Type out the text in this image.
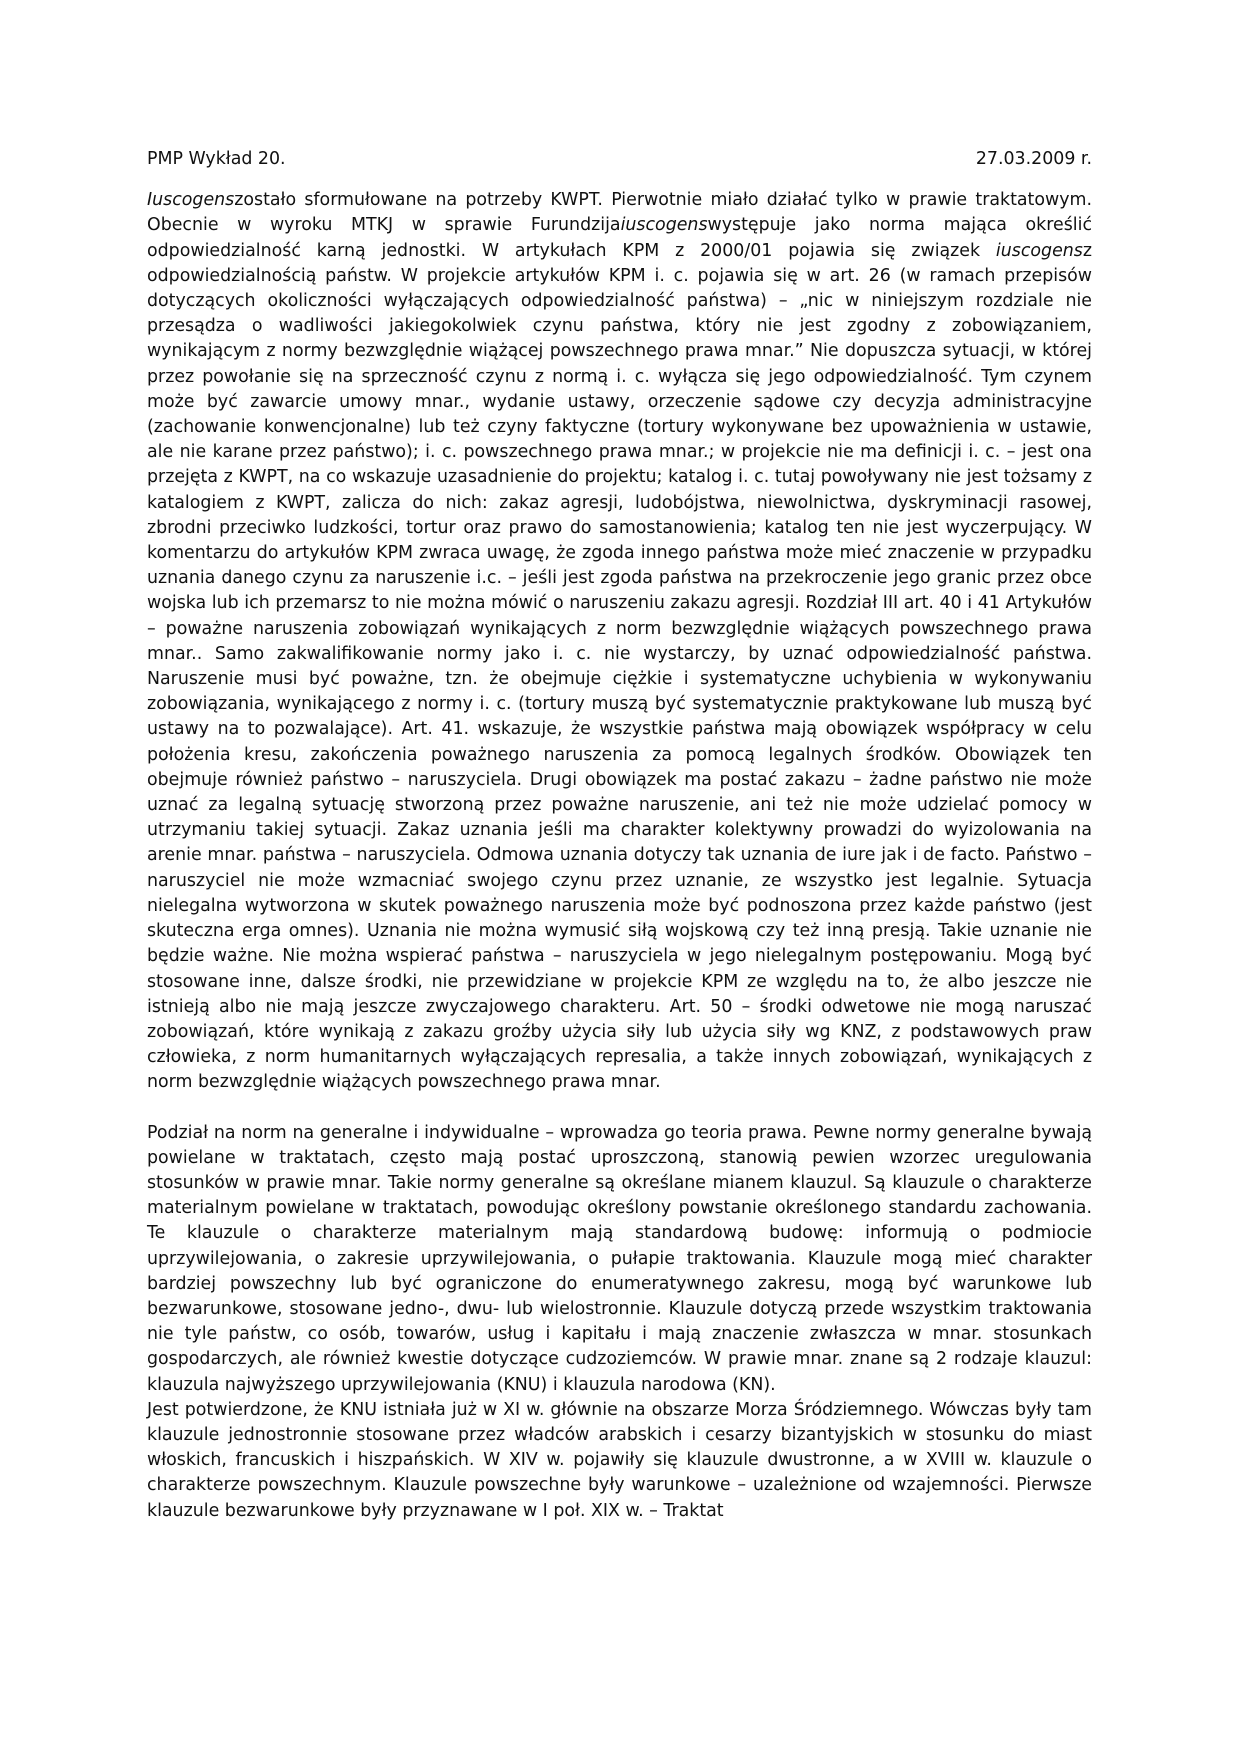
PMP Wykład 20.	27.03.2009 r.

Iuscogenszostało sformułowane na potrzeby KWPT. Pierwotnie miało działać tylko w prawie traktatowym. Obecnie w wyroku MTKJ w sprawie Furundzijaiuscogenswystępuje jako norma mająca określić odpowiedzialność karną jednostki. W artykułach KPM z 2000/01 pojawia się związek iuscogensz odpowiedzialnością państw. W projekcie artykułów KPM i. c. pojawia się w art. 26 (w ramach przepisów dotyczących okoliczności wyłączających odpowiedzialność państwa) – „nic w niniejszym rozdziale nie przesądza o wadliwości jakiegokolwiek czynu państwa, który nie jest zgodny z zobowiązaniem, wynikającym z normy bezwzględnie wiążącej powszechnego prawa mnar.” Nie dopuszcza sytuacji, w której przez powołanie się na sprzeczność czynu z normą i. c. wyłącza się jego odpowiedzialność. Tym czynem może być zawarcie umowy mnar., wydanie ustawy, orzeczenie sądowe czy decyzja administracyjne (zachowanie konwencjonalne) lub też czyny faktyczne (tortury wykonywane bez upoważnienia w ustawie, ale nie karane przez państwo); i. c. powszechnego prawa mnar.; w projekcie nie ma definicji i. c. – jest ona przejęta z KWPT, na co wskazuje uzasadnienie do projektu; katalog i. c. tutaj powoływany nie jest tożsamy z katalogiem z KWPT, zalicza do nich: zakaz agresji, ludobójstwa, niewolnictwa, dyskryminacji rasowej, zbrodni przeciwko ludzkości, tortur oraz prawo do samostanowienia; katalog ten nie jest wyczerpujący. W komentarzu do artykułów KPM zwraca uwagę, że zgoda innego państwa może mieć znaczenie w przypadku uznania danego czynu za naruszenie i.c. – jeśli jest zgoda państwa na przekroczenie jego granic przez obce wojska lub ich przemarsz to nie można mówić o naruszeniu zakazu agresji. Rozdział III art. 40 i 41 Artykułów – poważne naruszenia zobowiązań wynikających z norm bezwzględnie wiążących powszechnego prawa mnar.. Samo zakwalifikowanie normy jako i. c. nie wystarczy, by uznać odpowiedzialność państwa. Naruszenie musi być poważne, tzn. że obejmuje ciężkie i systematyczne uchybienia w wykonywaniu zobowiązania, wynikającego z normy i. c. (tortury muszą być systematycznie praktykowane lub muszą być ustawy na to pozwalające). Art. 41. wskazuje, że wszystkie państwa mają obowiązek współpracy w celu położenia kresu, zakończenia poważnego naruszenia za pomocą legalnych środków. Obowiązek ten obejmuje również państwo – naruszyciela. Drugi obowiązek ma postać zakazu – żadne państwo nie może uznać za legalną sytuację stworzoną przez poważne naruszenie, ani też nie może udzielać pomocy w utrzymaniu takiej sytuacji. Zakaz uznania jeśli ma charakter kolektywny prowadzi do wyizolowania na arenie mnar. państwa – naruszyciela. Odmowa uznania dotyczy tak uznania de iure jak i de facto. Państwo – naruszyciel nie może wzmacniać swojego czynu przez uznanie, ze wszystko jest legalnie. Sytuacja nielegalna wytworzona w skutek poważnego naruszenia może być podnoszona przez każde państwo (jest skuteczna erga omnes). Uznania nie można wymusić siłą wojskową czy też inną presją. Takie uznanie nie będzie ważne. Nie można wspierać państwa – naruszyciela w jego nielegalnym postępowaniu. Mogą być stosowane inne, dalsze środki, nie przewidziane w projekcie KPM ze względu na to, że albo jeszcze nie istnieją albo nie mają jeszcze zwyczajowego charakteru. Art. 50 – środki odwetowe nie mogą naruszać zobowiązań, które wynikają z zakazu groźby użycia siły lub użycia siły wg KNZ, z podstawowych praw człowieka, z norm humanitarnych wyłączających represalia, a także innych zobowiązań, wynikających z norm bezwzględnie wiążących powszechnego prawa mnar.

Podział na norm na generalne i indywidualne – wprowadza go teoria prawa. Pewne normy generalne bywają powielane w traktatach, często mają postać uproszczoną, stanowią pewien wzorzec uregulowania stosunków w prawie mnar. Takie normy generalne są określane mianem klauzul. Są klauzule o charakterze materialnym powielane w traktatach, powodując określony powstanie określonego standardu zachowania. Te klauzule o charakterze materialnym mają standardową budowę: informują o podmiocie uprzywilejowania, o zakresie uprzywilejowania, o pułapie traktowania. Klauzule mogą mieć charakter bardziej powszechny lub być ograniczone do enumeratywnego zakresu, mogą być warunkowe lub bezwarunkowe, stosowane jedno-, dwu- lub wielostronnie. Klauzule dotyczą przede wszystkim traktowania nie tyle państw, co osób, towarów, usług i kapitału i mają znaczenie zwłaszcza w mnar. stosunkach gospodarczych, ale również kwestie dotyczące cudzoziemców. W prawie mnar. znane są 2 rodzaje klauzul: klauzula najwyższego uprzywilejowania (KNU) i klauzula narodowa (KN).

Jest potwierdzone, że KNU istniała już w XI w. głównie na obszarze Morza Śródziemnego. Wówczas były tam klauzule jednostronnie stosowane przez władców arabskich i cesarzy bizantyjskich w stosunku do miast włoskich, francuskich i hiszpańskich. W XIV w. pojawiły się klauzule dwustronne, a w XVIII w. klauzule o charakterze powszechnym. Klauzule powszechne były warunkowe – uzależnione od wzajemności. Pierwsze klauzule bezwarunkowe były przyznawane w I poł. XIX w. – Traktat
